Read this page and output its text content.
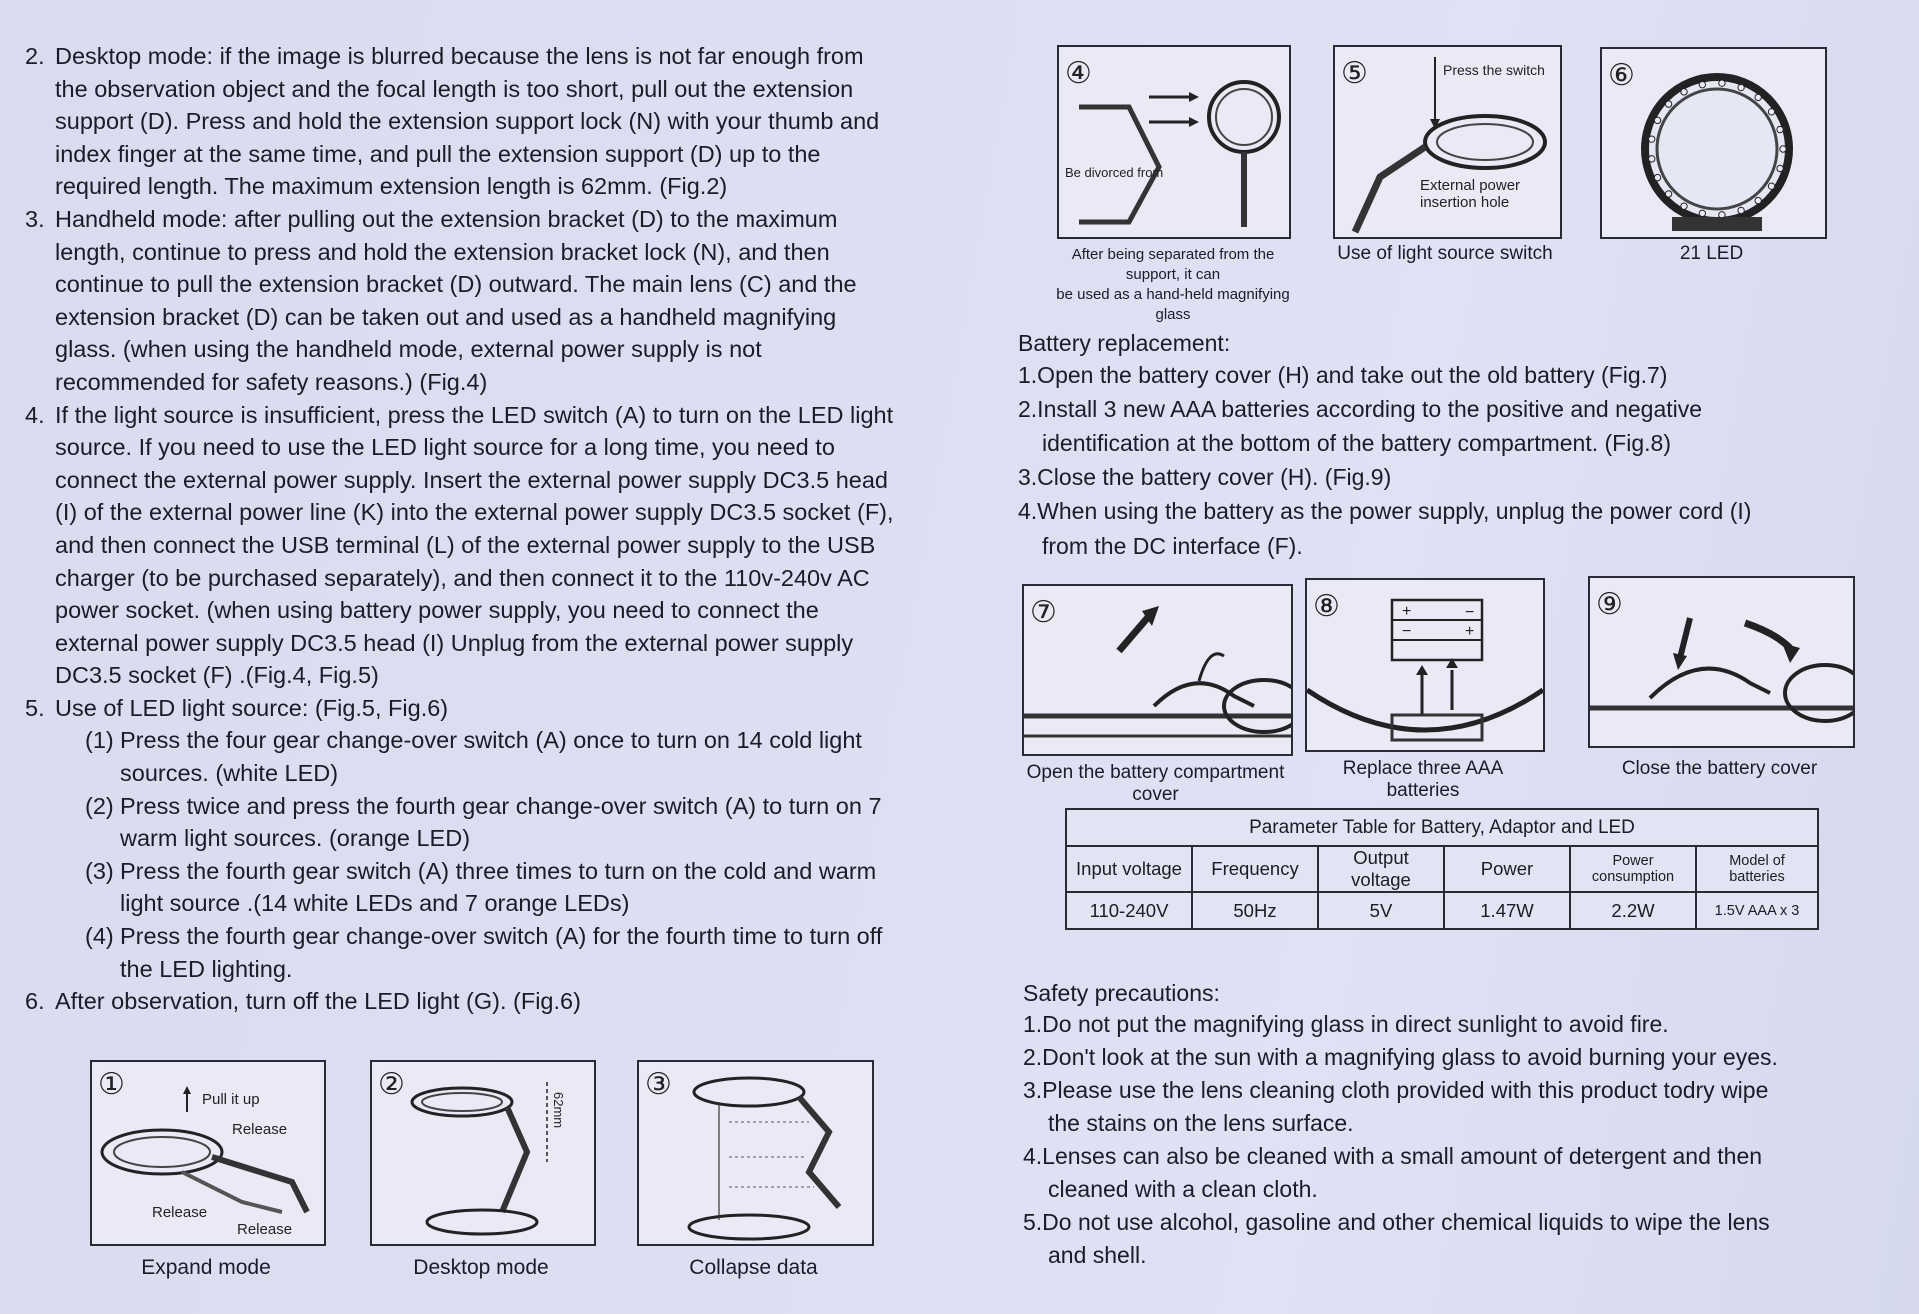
2. Desktop mode: if the image is blurred because the lens is not far enough from the observation object and the focal length is too short, pull out the extension support (D). Press and hold the extension support lock (N) with your thumb and index finger at the same time, and pull the extension support (D) up to the required length. The maximum extension length is 62mm. (Fig.2)
3. Handheld mode: after pulling out the extension bracket (D) to the maximum length, continue to press and hold the extension bracket lock (N), and then continue to pull the extension bracket (D) outward. The main lens (C) and the extension bracket (D) can be taken out and used as a handheld magnifying glass. (when using the handheld mode, external power supply is not recommended for safety reasons.) (Fig.4)
4. If the light source is insufficient, press the LED switch (A) to turn on the LED light source. If you need to use the LED light source for a long time, you need to connect the external power supply. Insert the external power supply DC3.5 head (I) of the external power line (K) into the external power supply DC3.5 socket (F), and then connect the USB terminal (L) of the external power supply to the USB charger (to be purchased separately), and then connect it to the 110v-240v AC power socket. (when using battery power supply, you need to connect the external power supply DC3.5 head (I) Unplug from the external power supply DC3.5 socket (F) .(Fig.4, Fig.5)
5. Use of LED light source: (Fig.5, Fig.6)
(1) Press the four gear change-over switch (A) once to turn on 14 cold light sources. (white LED)
(2) Press twice and press the fourth gear change-over switch (A) to turn on 7 warm light sources. (orange LED)
(3) Press the fourth gear switch (A) three times to turn on the cold and warm light source .(14 white LEDs and 7 orange LEDs)
(4) Press the fourth gear change-over switch (A) for the fourth time to turn off the LED lighting.
6. After observation, turn off the LED light (G). (Fig.6)
①	Pull it up
Release
Release
Release
Expand mode
②
62mm
Desktop mode
③
Collapse data
④
Be divorced from
After being separated from the support, it can
be used as a hand-held magnifying glass
⑤	Press the switch
External power
insertion hole
Use of light source switch
⑥
21 LED
Battery replacement:
1.Open the battery cover (H) and take out the old battery (Fig.7)
2.Install 3 new AAA batteries according to the positive and negative
identification at the bottom of the battery compartment. (Fig.8)
3.Close the battery cover (H). (Fig.9)
4.When using the battery as the power supply, unplug the power cord (I)
from the DC interface (F).
⑦
Open the battery compartment cover
⑧	+	−
−	+
Replace three AAA batteries
⑨
Close the battery cover
Parameter Table for Battery, Adaptor and LED					
Input voltage	Frequency	Output voltage	Power	Power consumption	Model of batteries
110-240V	50Hz	5V	1.47W	2.2W	1.5V AAA x 3
Safety precautions:
1.Do not put the magnifying glass in direct sunlight to avoid fire.
2.Don't look at the sun with a magnifying glass to avoid burning your eyes.
3.Please use the lens cleaning cloth provided with this product todry wipe
the stains on the lens surface.
4.Lenses can also be cleaned with a small amount of detergent and then
cleaned with a clean cloth.
5.Do not use alcohol, gasoline and other chemical liquids to wipe the lens
and shell.
